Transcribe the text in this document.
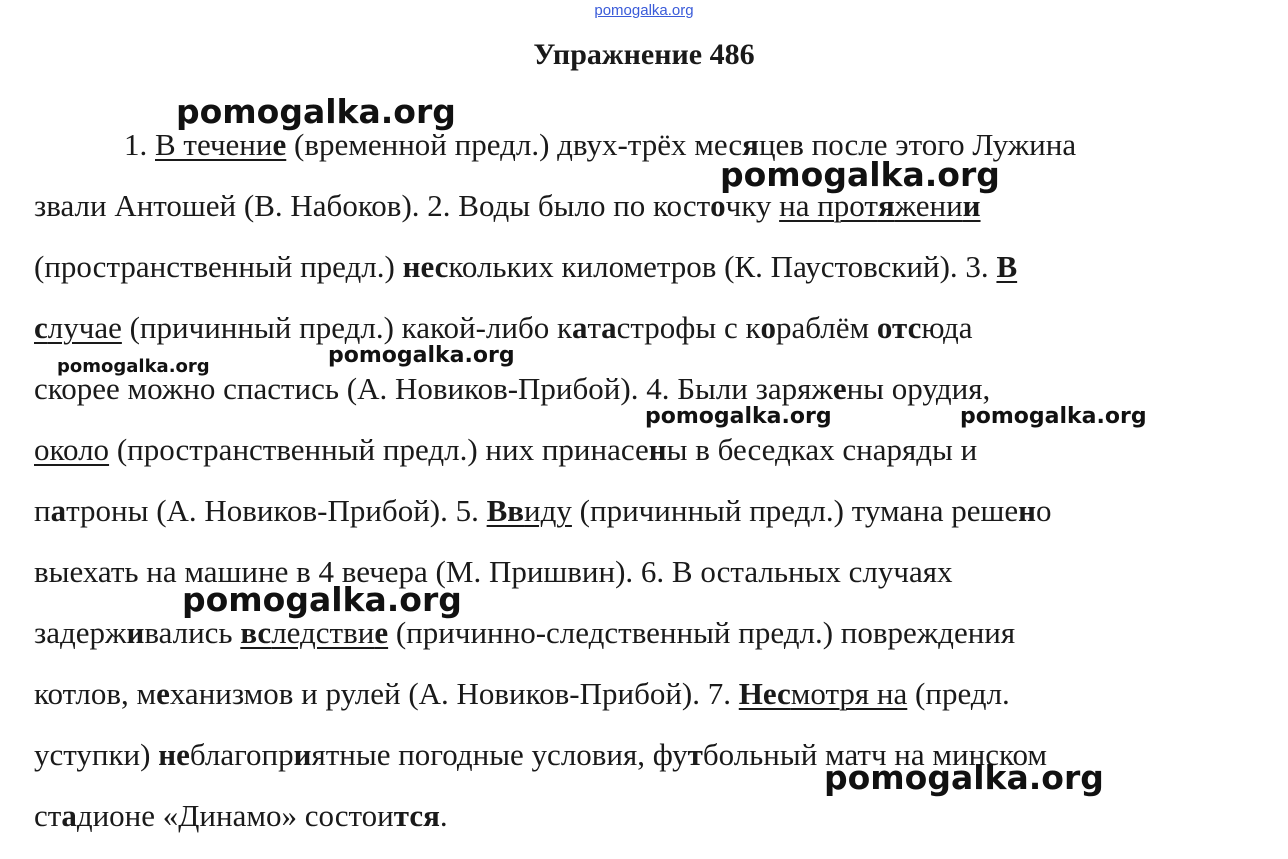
pomogalka.org
Упражнение 486
1. В течение (временной предл.) двух-трёх месяцев после этого Лужина
звали Антошей (В. Набоков). 2. Воды было по косточку на протяжении
(пространственный предл.) нескольких километров (К. Паустовский). 3. В
случае (причинный предл.) какой-либо катастрофы с кораблём отсюда
скорее можно спастись (А. Новиков-Прибой). 4. Были заряжены орудия,
около (пространственный предл.) них принасены в беседках снаряды и
патроны (А. Новиков-Прибой). 5. Ввиду (причинный предл.) тумана решено
выехать на машине в 4 вечера (М. Пришвин). 6. В остальных случаях
задерживались вследствие (причинно-следственный предл.) повреждения
котлов, механизмов и рулей (А. Новиков-Прибой). 7. Несмотря на (предл.
уступки) неблагоприятные погодные условия, футбольный матч на минском
стадионе «Динамо» состоится.
pomogalka.org
pomogalka.org
pomogalka.org	pomogalka.org
pomogalka.org	pomogalka.org
pomogalka.org
pomogalka.org
